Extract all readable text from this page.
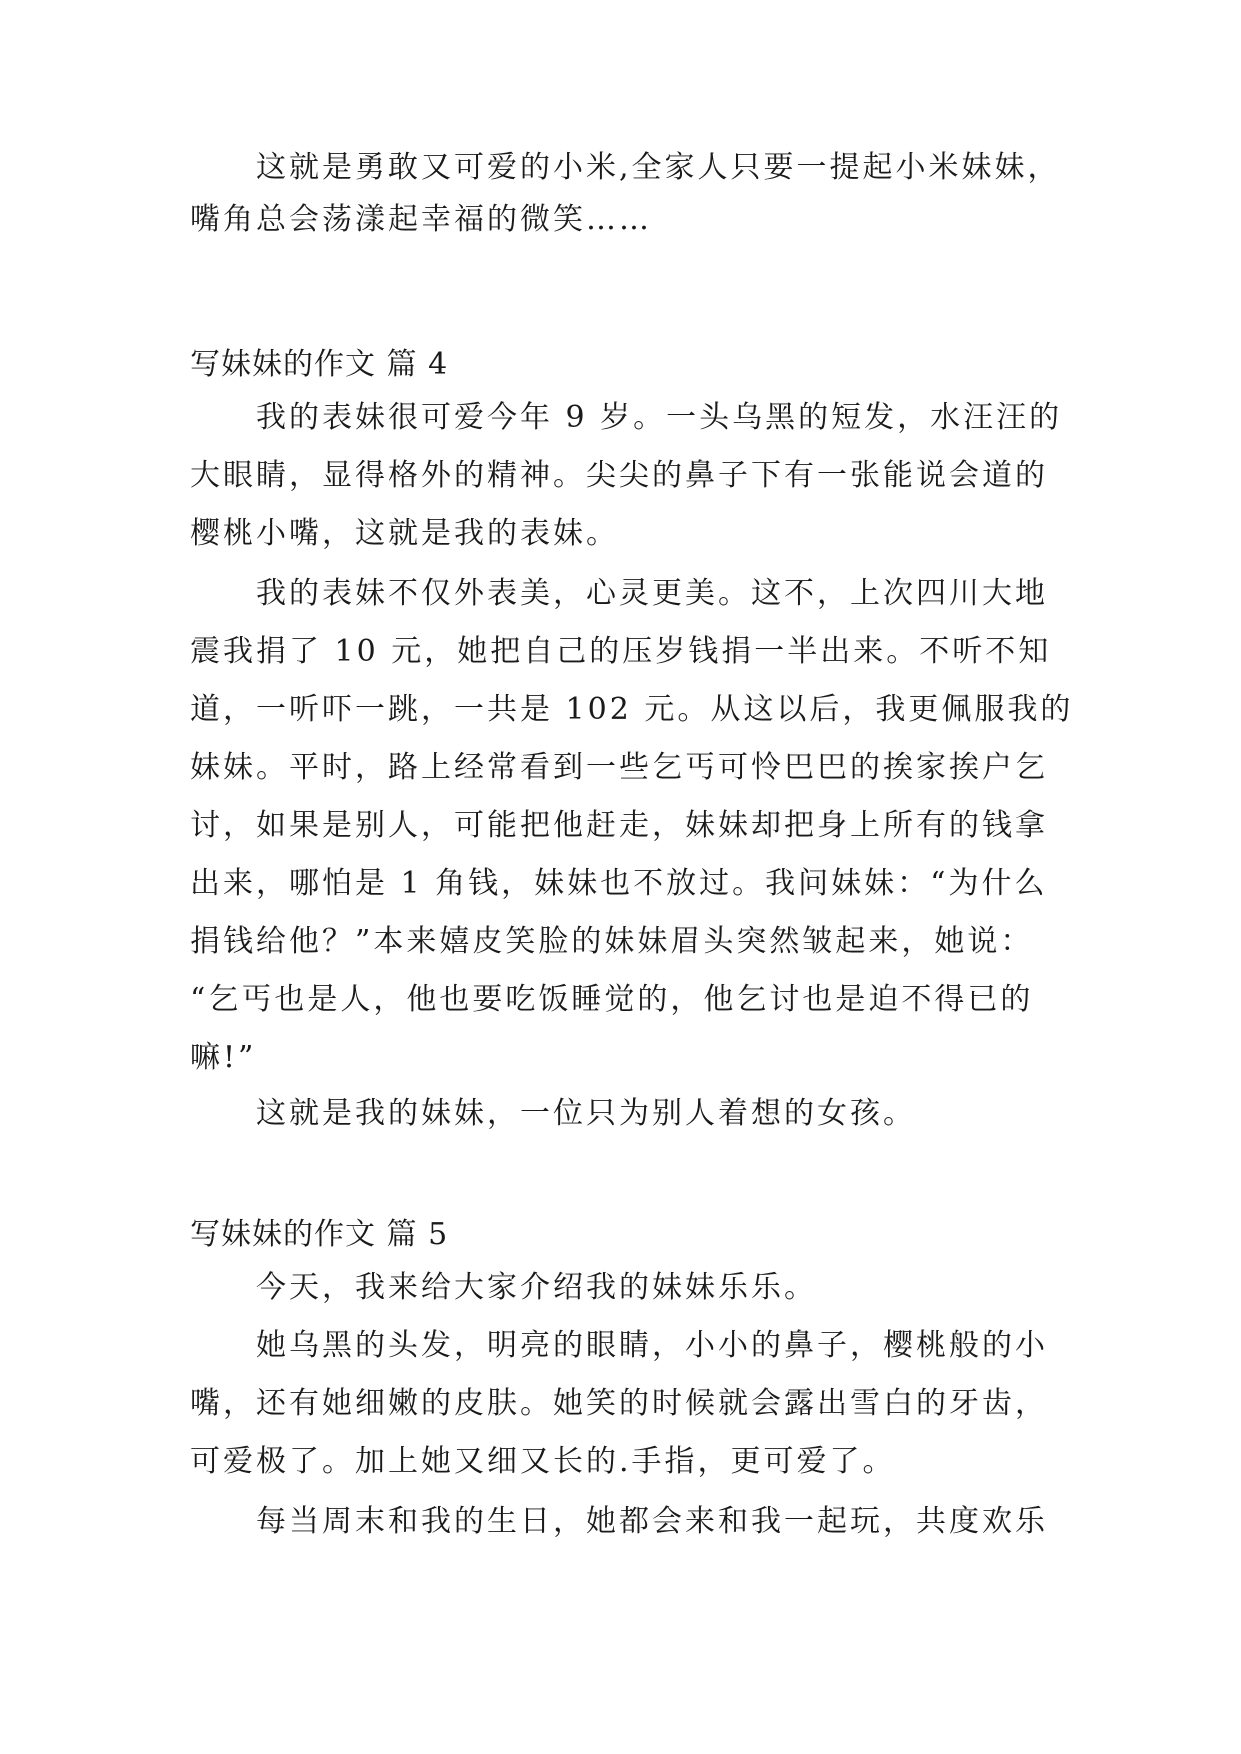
这就是勇敢又可爱的小米,全家人只要一提起小米妹妹，
嘴角总会荡漾起幸福的微笑……
写妹妹的作文 篇 4
我的表妹很可爱今年 9 岁。一头乌黑的短发，水汪汪的
大眼睛，显得格外的精神。尖尖的鼻子下有一张能说会道的
樱桃小嘴，这就是我的表妹。
我的表妹不仅外表美，心灵更美。这不，上次四川大地
震我捐了 10 元，她把自己的压岁钱捐一半出来。不听不知
道，一听吓一跳，一共是 102 元。从这以后，我更佩服我的
妹妹。平时，路上经常看到一些乞丐可怜巴巴的挨家挨户乞
讨，如果是别人，可能把他赶走，妹妹却把身上所有的钱拿
出来，哪怕是 1 角钱，妹妹也不放过。我问妹妹：“为什么
捐钱给他？”本来嬉皮笑脸的妹妹眉头突然皱起来，她说：
“乞丐也是人，他也要吃饭睡觉的，他乞讨也是迫不得已的
嘛!”
这就是我的妹妹，一位只为别人着想的女孩。
写妹妹的作文 篇 5
今天，我来给大家介绍我的妹妹乐乐。
她乌黑的头发，明亮的眼睛，小小的鼻子，樱桃般的小
嘴，还有她细嫩的皮肤。她笑的时候就会露出雪白的牙齿，
可爱极了。加上她又细又长的.手指，更可爱了。
每当周末和我的生日，她都会来和我一起玩，共度欢乐
